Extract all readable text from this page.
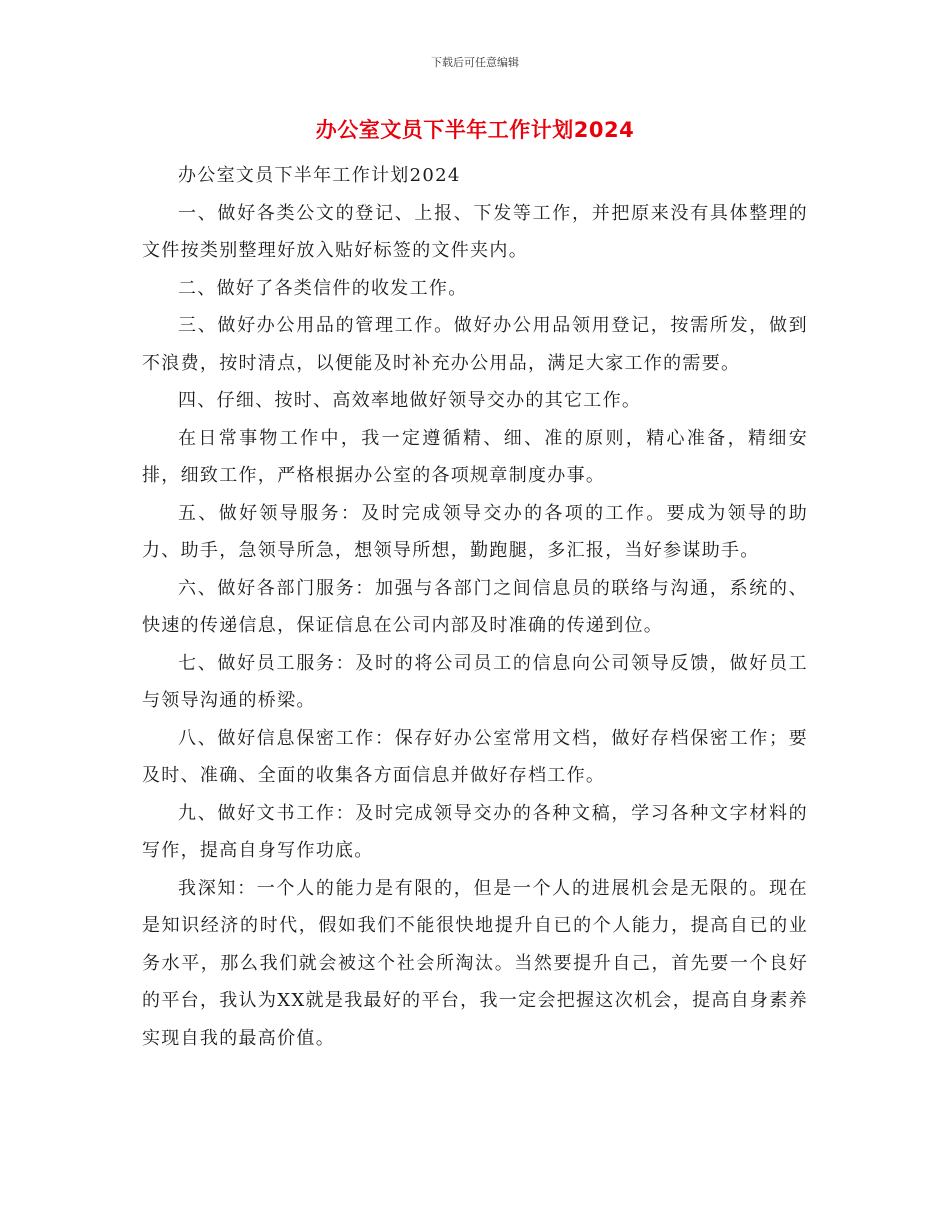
下载后可任意编辑
办公室文员下半年工作计划2024

办公室文员下半年工作计划2024

一、做好各类公文的登记、上报、下发等工作，并把原来没有具体整理的文件按类别整理好放入贴好标签的文件夹内。

二、做好了各类信件的收发工作。

三、做好办公用品的管理工作。做好办公用品领用登记，按需所发，做到不浪费，按时清点，以便能及时补充办公用品，满足大家工作的需要。

四、仔细、按时、高效率地做好领导交办的其它工作。

在日常事物工作中，我一定遵循精、细、准的原则，精心准备，精细安排，细致工作，严格根据办公室的各项规章制度办事。

五、做好领导服务：及时完成领导交办的各项的工作。要成为领导的助力、助手，急领导所急，想领导所想，勤跑腿，多汇报，当好参谋助手。

六、做好各部门服务：加强与各部门之间信息员的联络与沟通，系统的、快速的传递信息，保证信息在公司内部及时准确的传递到位。

七、做好员工服务：及时的将公司员工的信息向公司领导反馈，做好员工与领导沟通的桥梁。

八、做好信息保密工作：保存好办公室常用文档，做好存档保密工作；要及时、准确、全面的收集各方面信息并做好存档工作。

九、做好文书工作：及时完成领导交办的各种文稿，学习各种文字材料的写作，提高自身写作功底。

我深知：一个人的能力是有限的，但是一个人的进展机会是无限的。现在是知识经济的时代，假如我们不能很快地提升自已的个人能力，提高自已的业务水平，那么我们就会被这个社会所淘汰。当然要提升自己，首先要一个良好的平台，我认为XX就是我最好的平台，我一定会把握这次机会，提高自身素养实现自我的最高价值。
